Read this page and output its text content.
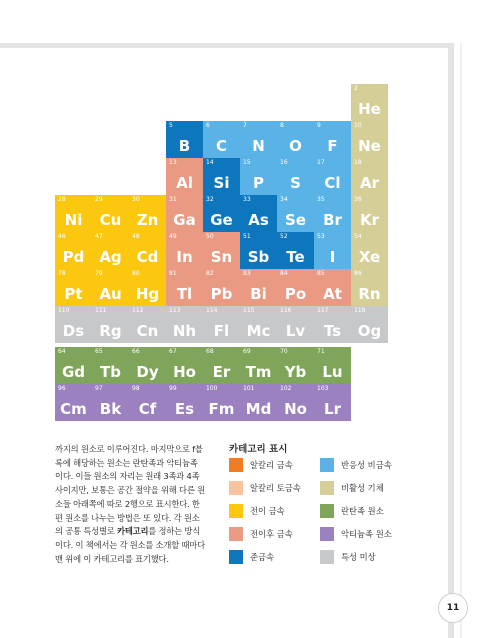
2
He
5
B
6
C
7
N
8
O
9
F
10
Ne
13
Al
14
Si
15
P
16
S
17
Cl
18
Ar
28
Ni
29
Cu
30
Zn
31
Ga
32
Ge
33
As
34
Se
35
Br
36
Kr
46
Pd
47
Ag
48
Cd
49
In
50
Sn
51
Sb
52
Te
53
I
54
Xe
78
Pt
79
Au
80
Hg
81
Tl
82
Pb
83
Bi
84
Po
85
At
86
Rn
110
Ds
111
Rg
112
Cn
113
Nh
114
Fl
115
Mc
116
Lv
117
Ts
118
Og
64
Gd
65
Tb
66
Dy
67
Ho
68
Er
69
Tm
70
Yb
71
Lu
96
Cm
97
Bk
98
Cf
99
Es
100
Fm
101
Md
102
No
103
Lr
까지의 원소로 이루어진다. 마지막으로 f블
록에 해당하는 원소는 란탄족과 악티늄족
이다. 이들 원소의 자리는 원래 3족과 4족
사이지만, 보통은 공간 절약을 위해 다른 원
소들 아래쪽에 따로 2행으로 표시한다. 한
편 원소를 나누는 방법은 또 있다. 각 원소
의 공통 특성별로 카테고리를 정하는 방식
이다. 이 책에서는 각 원소를 소개할 때마다
맨 위에 이 카테고리를 표기했다.
카테고리 표시
알칼리 금속
알칼리 토금속
전이 금속
전이후 금속
준금속
반응성 비금속
비활성 기체
란탄족 원소
악티늄족 원소
특성 미상
11
